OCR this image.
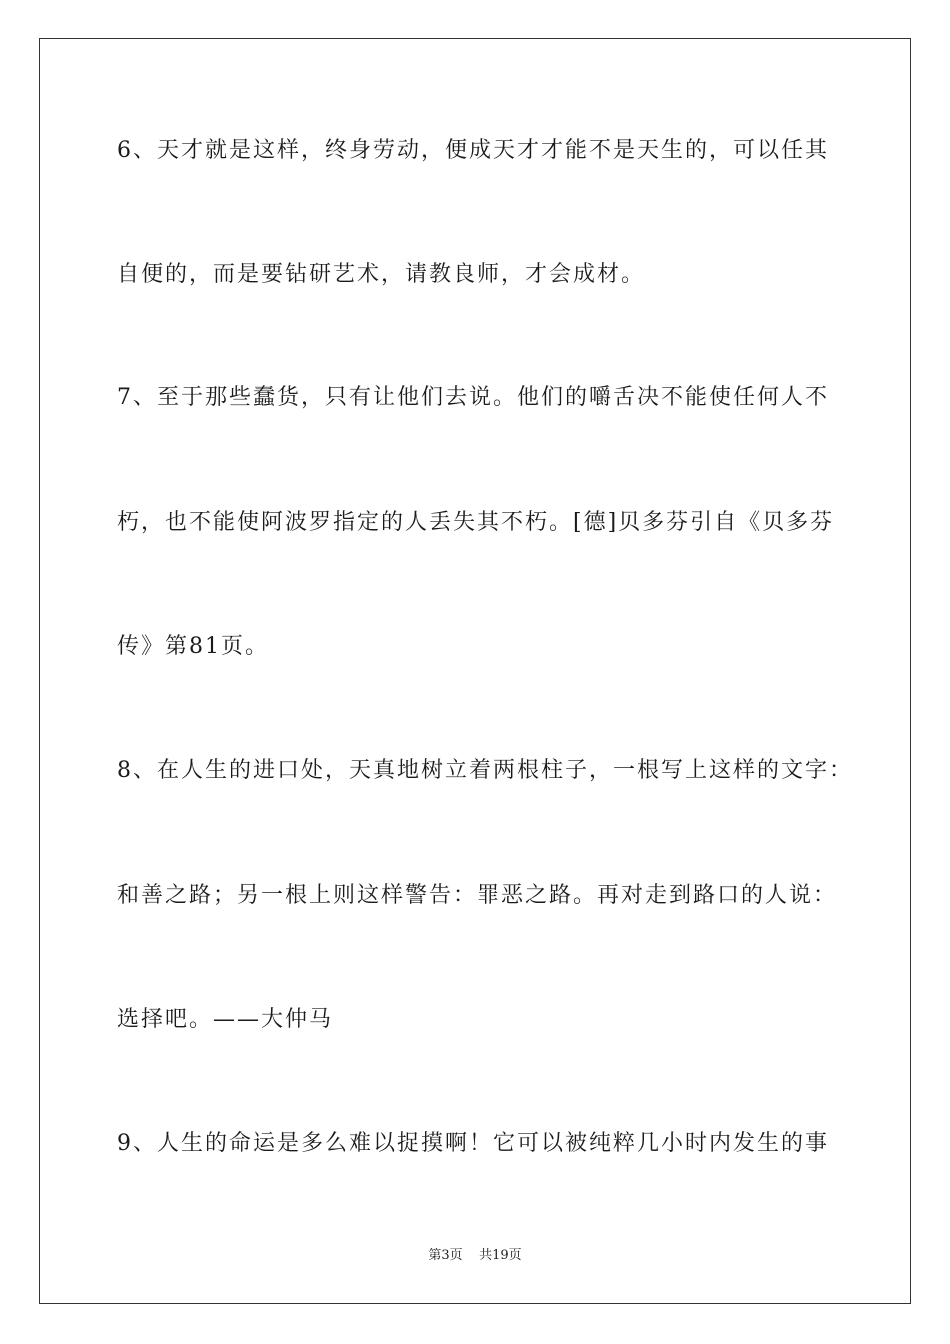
6、天才就是这样，终身劳动，便成天才才能不是天生的，可以任其
自便的，而是要钻研艺术，请教良师，才会成材。
7、至于那些蠢货，只有让他们去说。他们的嚼舌决不能使任何人不
朽，也不能使阿波罗指定的人丢失其不朽。[德]贝多芬引自《贝多芬
传》第81页。
8、在人生的进口处，天真地树立着两根柱子，一根写上这样的文字：
和善之路；另一根上则这样警告：罪恶之路。再对走到路口的人说：
选择吧。——大仲马
9、人生的命运是多么难以捉摸啊！它可以被纯粹几小时内发生的事
第3页    共19页
